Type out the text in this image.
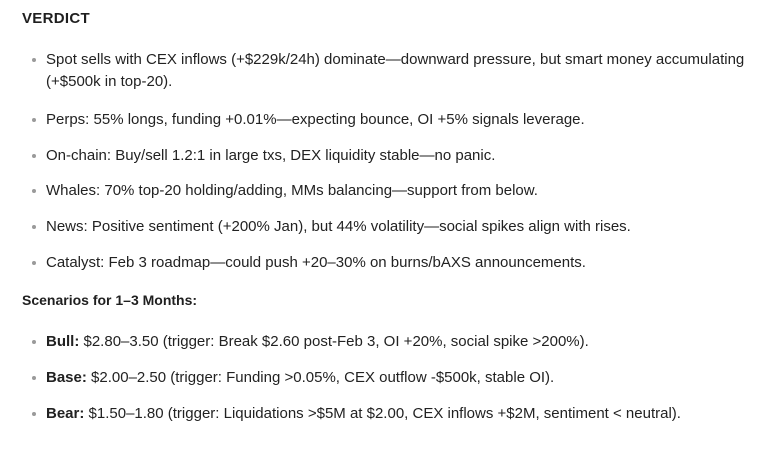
VERDICT
Spot sells with CEX inflows (+$229k/24h) dominate—downward pressure, but smart money accumulating (+$500k in top-20).
Perps: 55% longs, funding +0.01%—expecting bounce, OI +5% signals leverage.
On-chain: Buy/sell 1.2:1 in large txs, DEX liquidity stable—no panic.
Whales: 70% top-20 holding/adding, MMs balancing—support from below.
News: Positive sentiment (+200% Jan), but 44% volatility—social spikes align with rises.
Catalyst: Feb 3 roadmap—could push +20–30% on burns/bAXS announcements.
Scenarios for 1–3 Months:
Bull: $2.80–3.50 (trigger: Break $2.60 post-Feb 3, OI +20%, social spike >200%).
Base: $2.00–2.50 (trigger: Funding >0.05%, CEX outflow -$500k, stable OI).
Bear: $1.50–1.80 (trigger: Liquidations >$5M at $2.00, CEX inflows +$2M, sentiment < neutral).
